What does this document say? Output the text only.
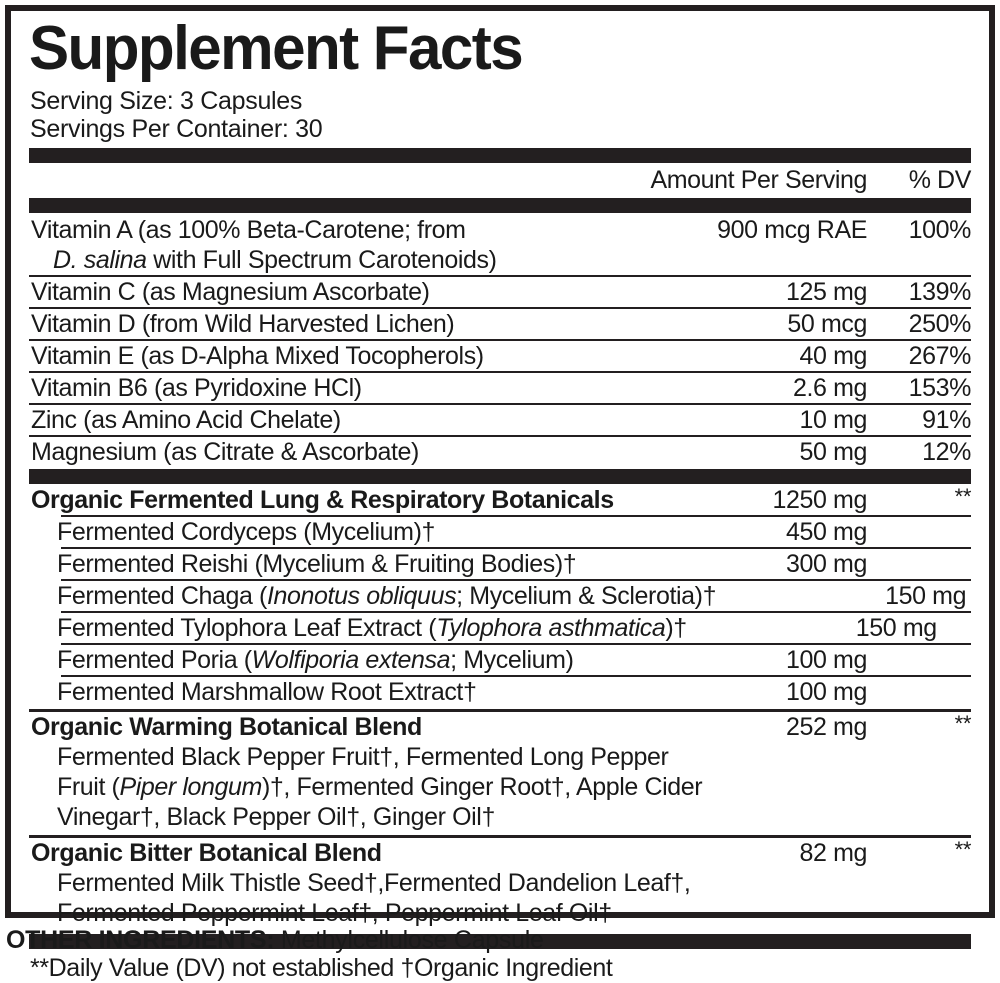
Supplement Facts
Serving Size: 3 Capsules
Servings Per Container: 30
Amount Per Serving	% DV
Vitamin A (as 100% Beta-Carotene; from
D. salina with Full Spectrum Carotenoids)
900 mcg RAE	100%
Vitamin C (as Magnesium Ascorbate)	125 mg	139%
Vitamin D (from Wild Harvested Lichen)	50 mcg	250%
Vitamin E (as D-Alpha Mixed Tocopherols)	40 mg	267%
Vitamin B6 (as Pyridoxine HCl)	2.6 mg	153%
Zinc (as Amino Acid Chelate)	10 mg	91%
Magnesium (as Citrate & Ascorbate)	50 mg	12%
Organic Fermented Lung & Respiratory Botanicals	1250 mg	**
Fermented Cordyceps (Mycelium)†	450 mg
Fermented Reishi (Mycelium & Fruiting Bodies)†	300 mg
Fermented Chaga (Inonotus obliquus; Mycelium & Sclerotia)†	150 mg
Fermented Tylophora Leaf Extract (Tylophora asthmatica)†	150 mg
Fermented Poria (Wolfiporia extensa; Mycelium)	100 mg
Fermented Marshmallow Root Extract†	100 mg
Organic Warming Botanical Blend	252 mg	**
Fermented Black Pepper Fruit†, Fermented Long Pepper
Fruit (Piper longum)†, Fermented Ginger Root†, Apple Cider
Vinegar†, Black Pepper Oil†, Ginger Oil†
Organic Bitter Botanical Blend	82 mg	**
Fermented Milk Thistle Seed†,Fermented Dandelion Leaf†,
Fermented Peppermint Leaf†, Peppermint Leaf Oil†
**Daily Value (DV) not established †Organic Ingredient
OTHER INGREDIENTS: Methylcellulose Capsule
